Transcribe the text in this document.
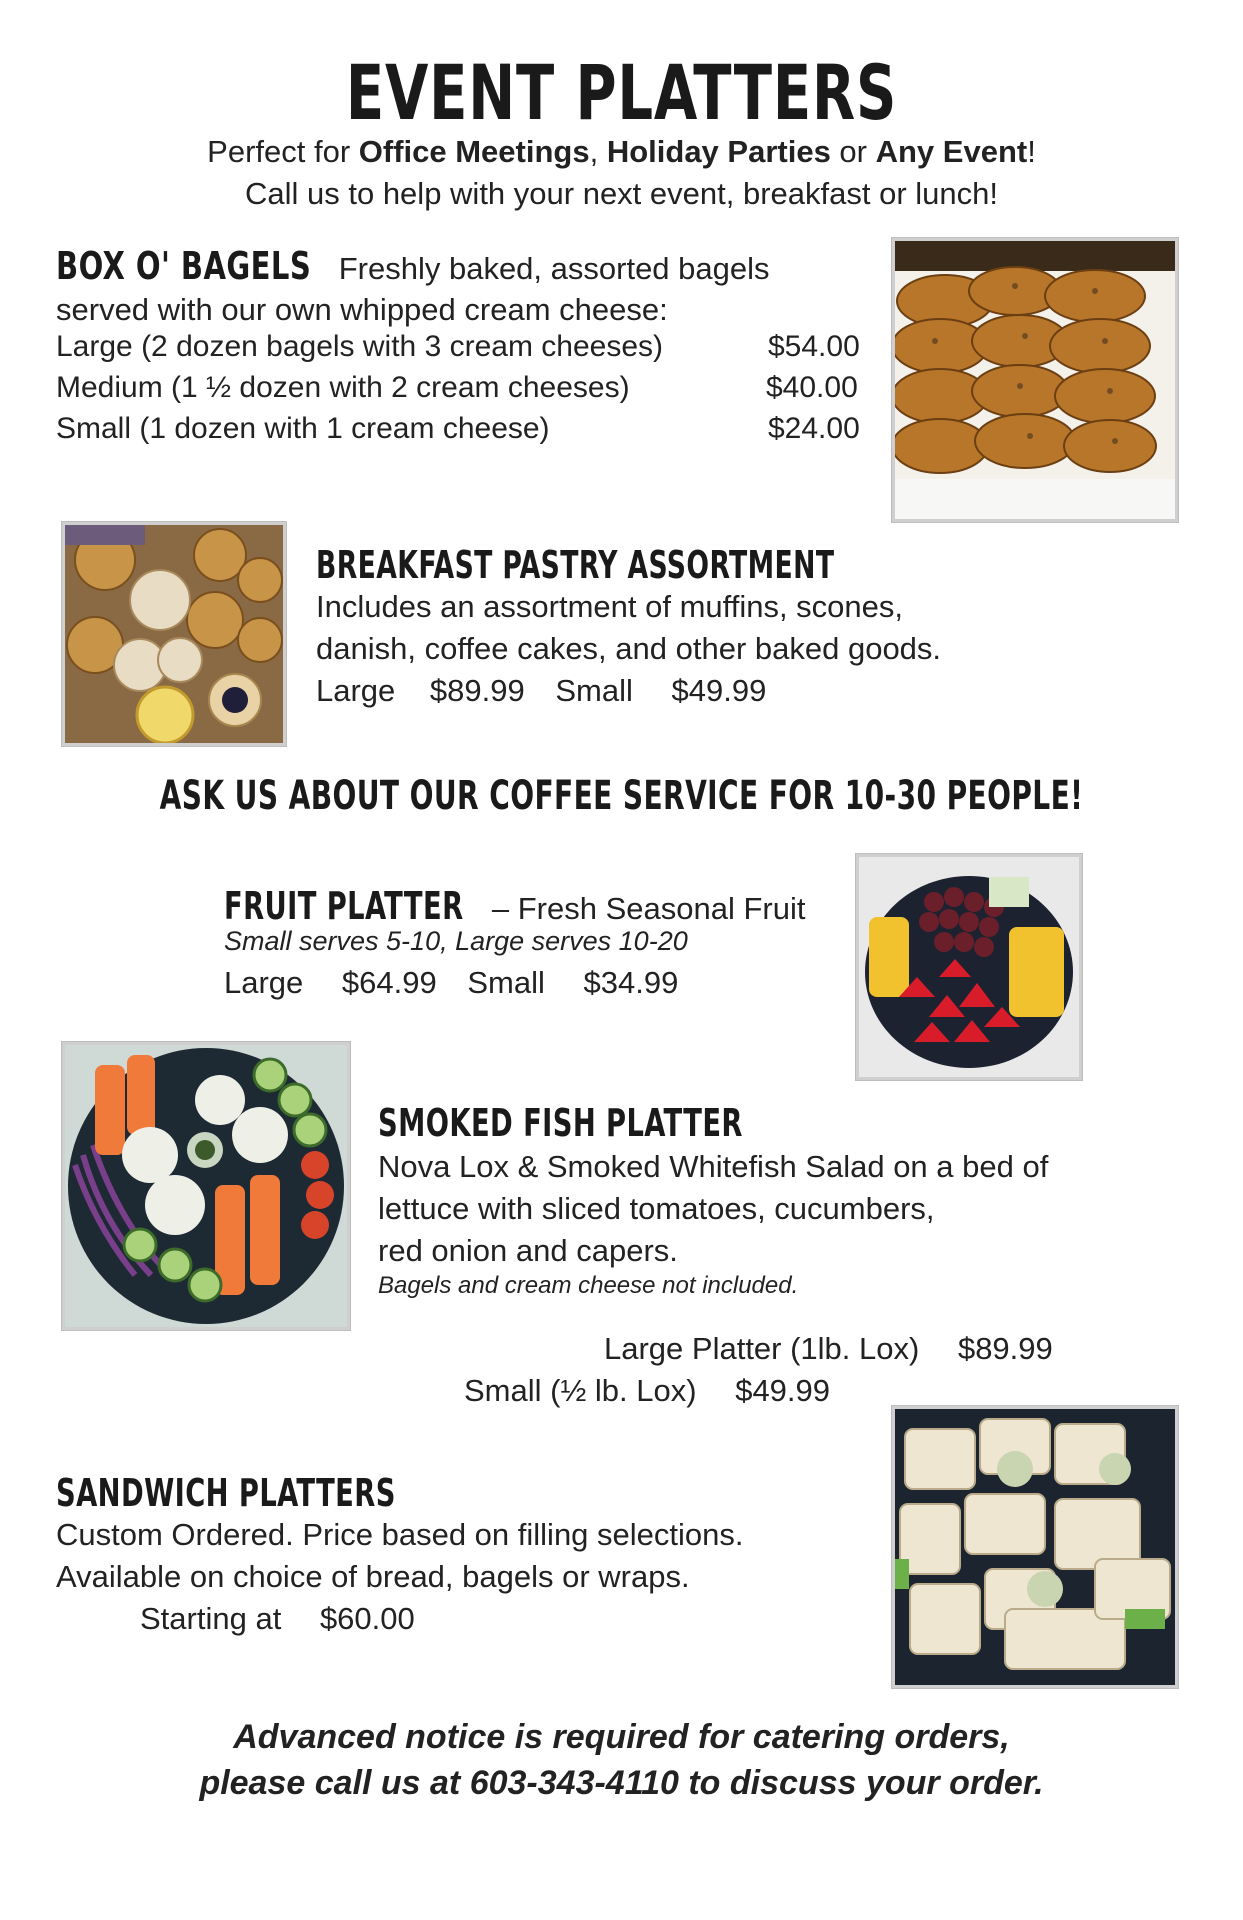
EVENT PLATTERS
Perfect for Office Meetings, Holiday Parties or Any Event!
Call us to help with your next event, breakfast or lunch!
BOX O' BAGELS Freshly baked, assorted bagels
served with our own whipped cream cheese:
Large (2 dozen bagels with 3 cream cheeses)	$54.00
Medium (1 ½ dozen with 2 cream cheeses)	$40.00
Small (1 dozen with 1 cream cheese)	$24.00
BREAKFAST PASTRY ASSORTMENT
Includes an assortment of muffins, scones,
danish, coffee cakes, and other baked goods.
Large $89.99 Small $49.99
ASK US ABOUT OUR COFFEE SERVICE FOR 10-30 PEOPLE!
FRUIT PLATTER – Fresh Seasonal Fruit
Small serves 5-10, Large serves 10-20
Large $64.99 Small $34.99
SMOKED FISH PLATTER
Nova Lox & Smoked Whitefish Salad on a bed of
lettuce with sliced tomatoes, cucumbers,
red onion and capers.
Bagels and cream cheese not included.
Large Platter (1lb. Lox) $89.99
Small (½ lb. Lox) $49.99
SANDWICH PLATTERS
Custom Ordered. Price based on filling selections.
Available on choice of bread, bagels or wraps.
Starting at $60.00
Advanced notice is required for catering orders,
please call us at 603-343-4110 to discuss your order.
